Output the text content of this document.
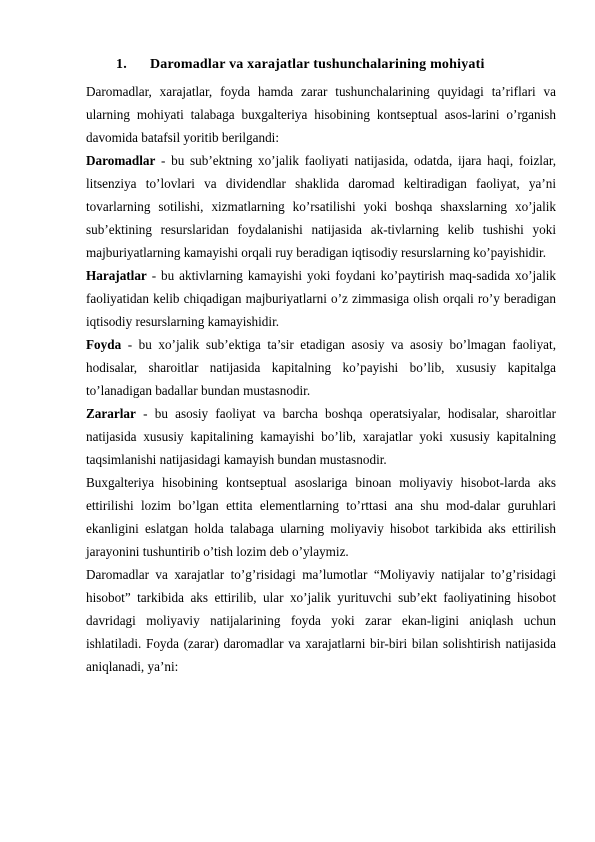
1.	Daromadlar va xarajatlar tushunchalarining mohiyati

Daromadlar, xarajatlar, foyda hamda zarar tushunchalarining quyidagi ta’riflari va ularning mohiyati talabaga buxgalteriya hisobining kontseptual asos-larini o’rganish davomida batafsil yoritib berilgandi:

Daromadlar - bu sub’ektning xo’jalik faoliyati natijasida, odatda, ijara haqi, foizlar, litsenziya to’lovlari va dividendlar shaklida daromad keltiradigan faoliyat, ya’ni tovarlarning sotilishi, xizmatlarning ko’rsatilishi yoki boshqa shaxslarning xo’jalik sub’ektining resurslaridan foydalanishi natijasida ak-tivlarning kelib tushishi yoki majburiyatlarning kamayishi orqali ruy beradigan iqtisodiy resurslarning ko’payishidir.

Harajatlar - bu aktivlarning kamayishi yoki foydani ko’paytirish maq-sadida xo’jalik faoliyatidan kelib chiqadigan majburiyatlarni o’z zimmasiga olish orqali ro’y beradigan iqtisodiy resurslarning kamayishidir.

Foyda - bu xo’jalik sub’ektiga ta’sir etadigan asosiy va asosiy bo’lmagan faoliyat, hodisalar, sharoitlar natijasida kapitalning ko’payishi bo’lib, xususiy kapitalga to’lanadigan badallar bundan mustasnodir.

Zararlar - bu asosiy faoliyat va barcha boshqa operatsiyalar, hodisalar, sharoitlar natijasida xususiy kapitalining kamayishi bo’lib, xarajatlar yoki xususiy kapitalning taqsimlanishi natijasidagi kamayish bundan mustasnodir.

Buxgalteriya hisobining kontseptual asoslariga binoan moliyaviy hisobot-larda aks ettirilishi lozim bo’lgan ettita elementlarning to’rttasi ana shu mod-dalar guruhlari ekanligini eslatgan holda talabaga ularning moliyaviy hisobot tarkibida aks ettirilish jarayonini tushuntirib o’tish lozim deb o’ylaymiz.

Daromadlar va xarajatlar to’g’risidagi ma’lumotlar “Moliyaviy natijalar to’g’risidagi hisobot” tarkibida aks ettirilib, ular xo’jalik yurituvchi sub’ekt faoliyatining hisobot davridagi moliyaviy natijalarining foyda yoki zarar ekan-ligini aniqlash uchun ishlatiladi. Foyda (zarar) daromadlar va xarajatlarni bir-biri bilan solishtirish natijasida aniqlanadi, ya’ni:
